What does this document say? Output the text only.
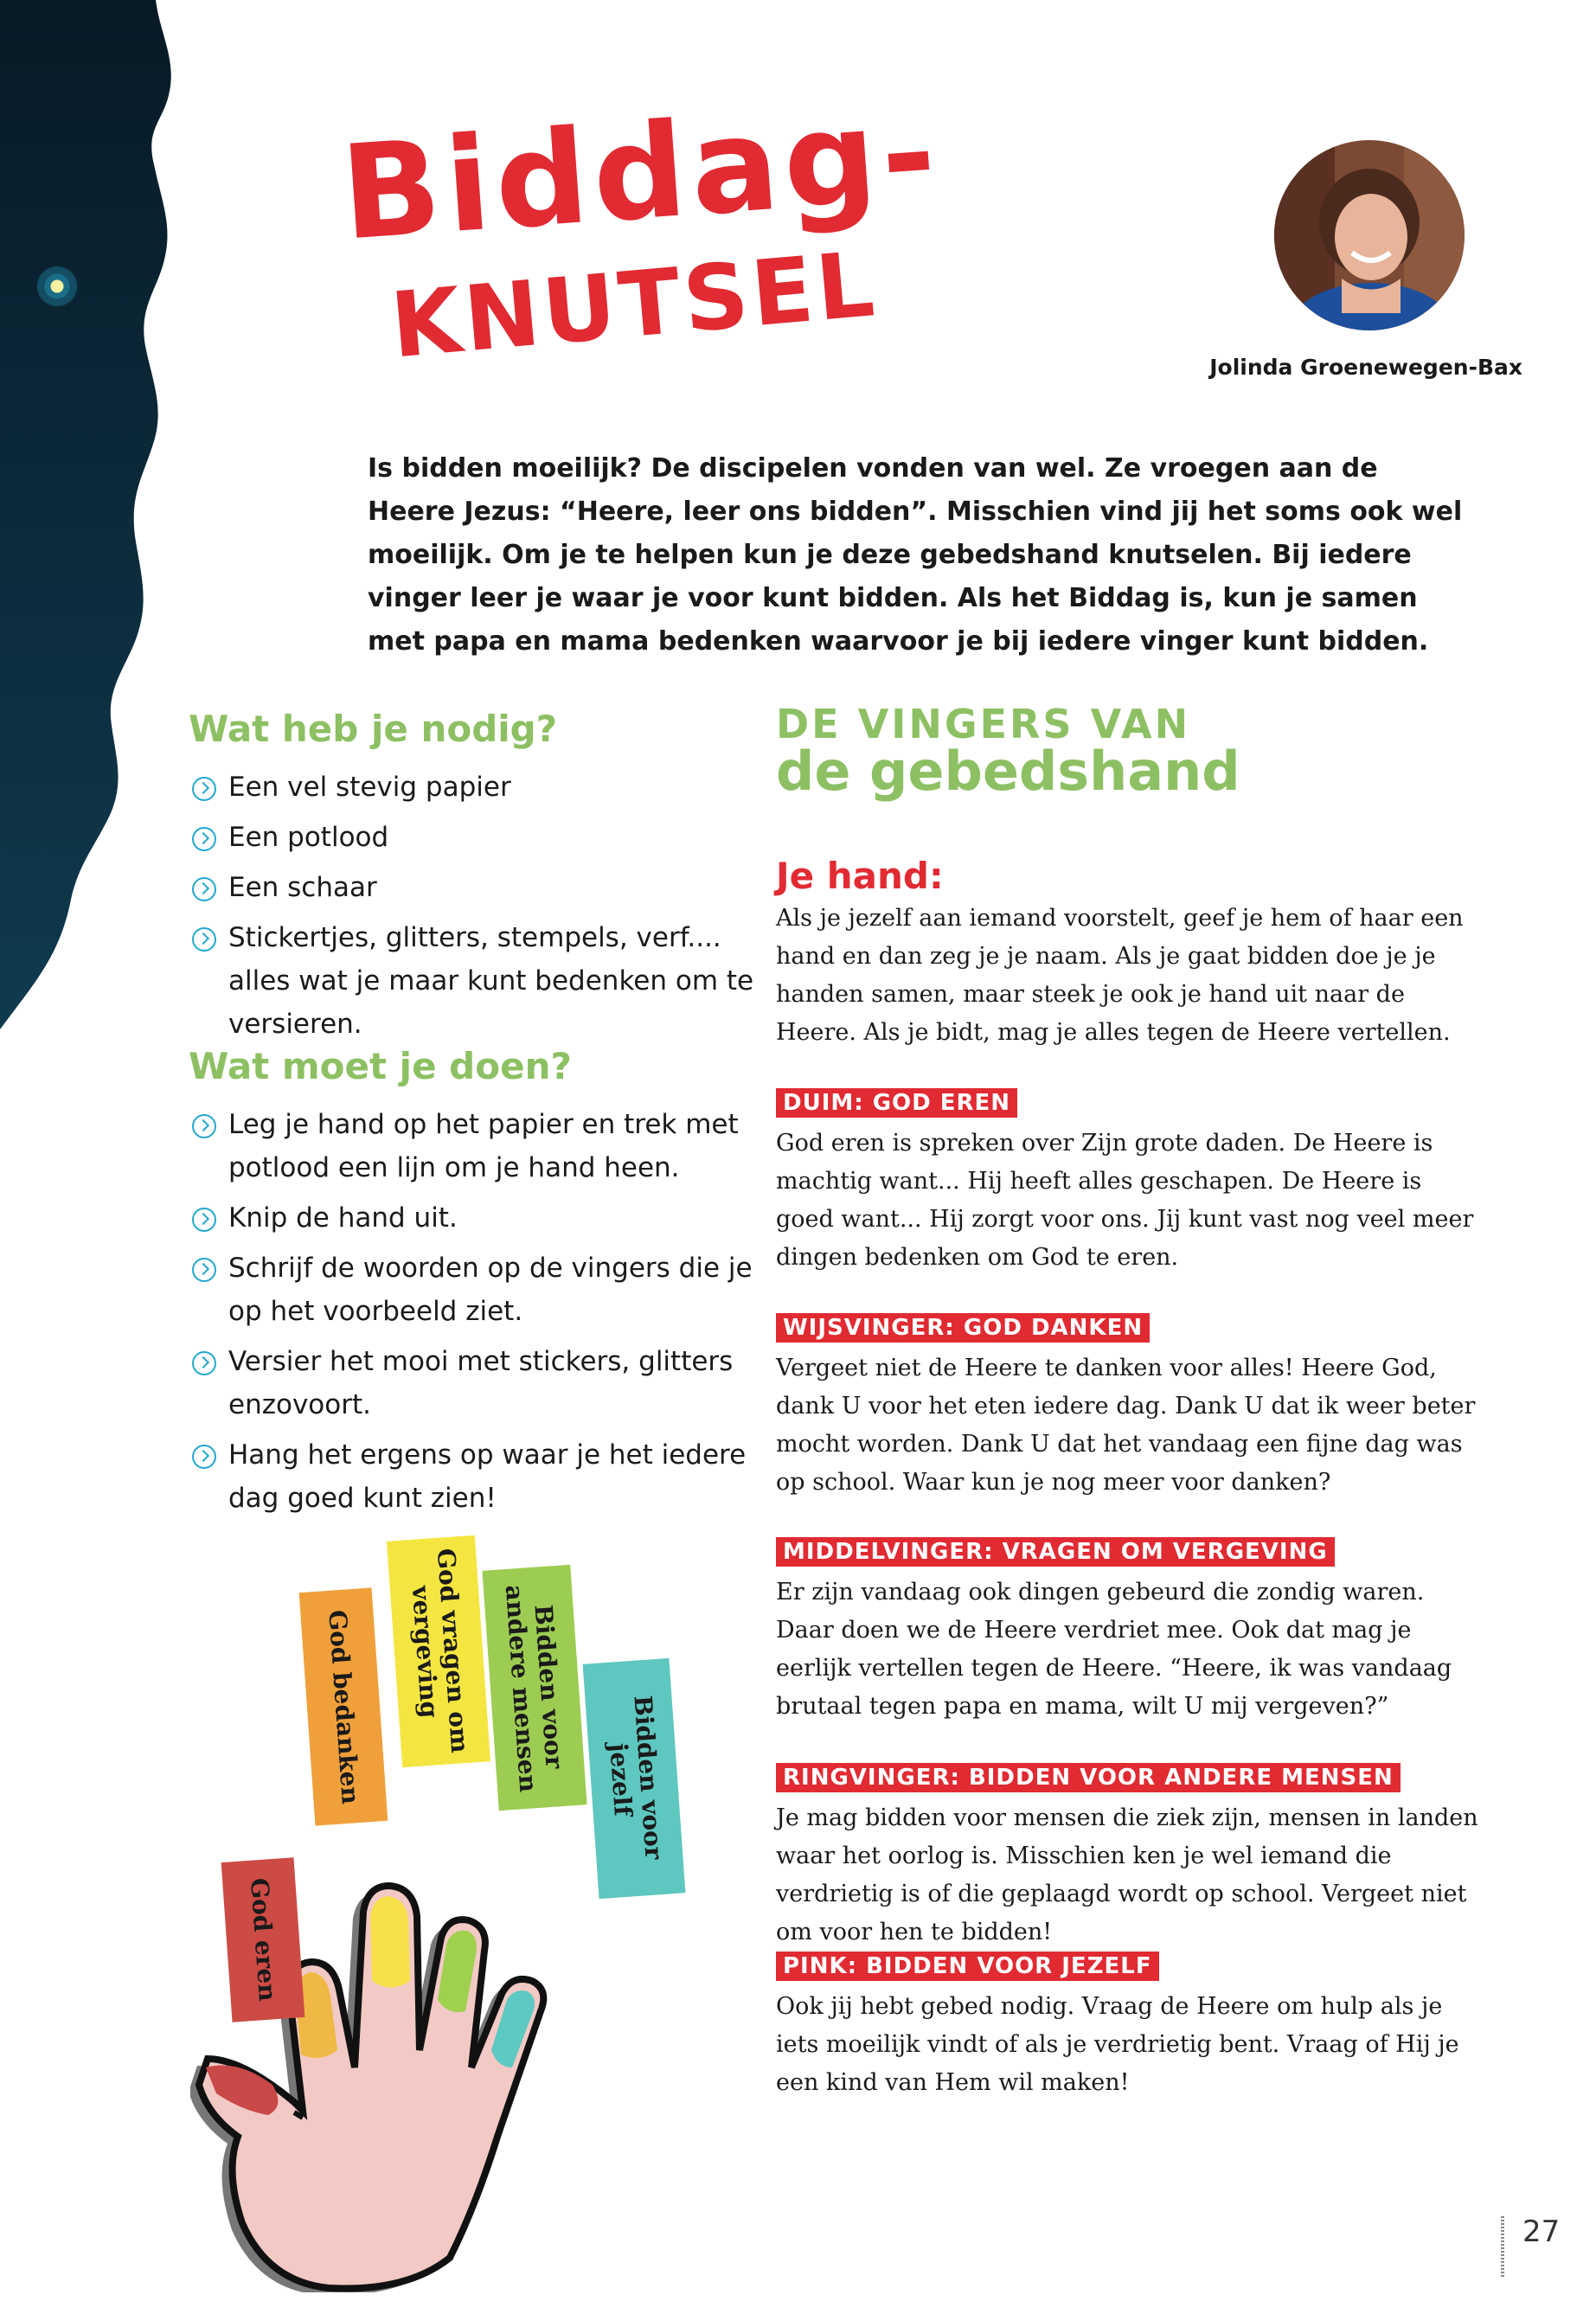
Biddag-
KNUTSEL	Jolinda Groenewegen-Bax
Is bidden moeilijk? De discipelen vonden van wel. Ze vroegen aan de Heere Jezus: “Heere, leer ons bidden”. Misschien vind jij het soms ook wel moeilijk. Om je te helpen kun je deze gebedshand knutselen. Bij iedere vinger leer je waar je voor kunt bidden. Als het Biddag is, kun je samen met papa en mama bedenken waarvoor je bij iedere vinger kunt bidden.
Wat heb je nodig?
Een vel stevig papier
Een potlood
Een schaar
Stickertjes, glitters, stempels, verf.... alles wat je maar kunt bedenken om te versieren.
Wat moet je doen?
Leg je hand op het papier en trek met potlood een lijn om je hand heen.
Knip de hand uit.
Schrijf de woorden op de vingers die je op het voorbeeld ziet.
Versier het mooi met stickers, glitters enzovoort.
Hang het ergens op waar je het iedere dag goed kunt zien!
God eren
God bedanken	God vragen om vergeving	Bidden voor andere mensen	Bidden voor jezelf
DE VINGERS VAN
de gebedshand
Je hand:
Als je jezelf aan iemand voorstelt, geef je hem of haar een hand en dan zeg je je naam. Als je gaat bidden doe je je handen samen, maar steek je ook je hand uit naar de Heere. Als je bidt, mag je alles tegen de Heere vertellen.
DUIM: GOD EREN
God eren is spreken over Zijn grote daden. De Heere is machtig want... Hij heeft alles geschapen. De Heere is goed want... Hij zorgt voor ons. Jij kunt vast nog veel meer dingen bedenken om God te eren.
WIJSVINGER: GOD DANKEN
Vergeet niet de Heere te danken voor alles! Heere God, dank U voor het eten iedere dag. Dank U dat ik weer beter mocht worden. Dank U dat het vandaag een fijne dag was op school. Waar kun je nog meer voor danken?
MIDDELVINGER: VRAGEN OM VERGEVING
Er zijn vandaag ook dingen gebeurd die zondig waren. Daar doen we de Heere verdriet mee. Ook dat mag je eerlijk vertellen tegen de Heere. “Heere, ik was vandaag brutaal tegen papa en mama, wilt U mij vergeven?”
RINGVINGER: BIDDEN VOOR ANDERE MENSEN
Je mag bidden voor mensen die ziek zijn, mensen in landen waar het oorlog is. Misschien ken je wel iemand die verdrietig is of die geplaagd wordt op school. Vergeet niet om voor hen te bidden!
PINK: BIDDEN VOOR JEZELF
Ook jij hebt gebed nodig. Vraag de Heere om hulp als je iets moeilijk vindt of als je verdrietig bent. Vraag of Hij je een kind van Hem wil maken!
27
